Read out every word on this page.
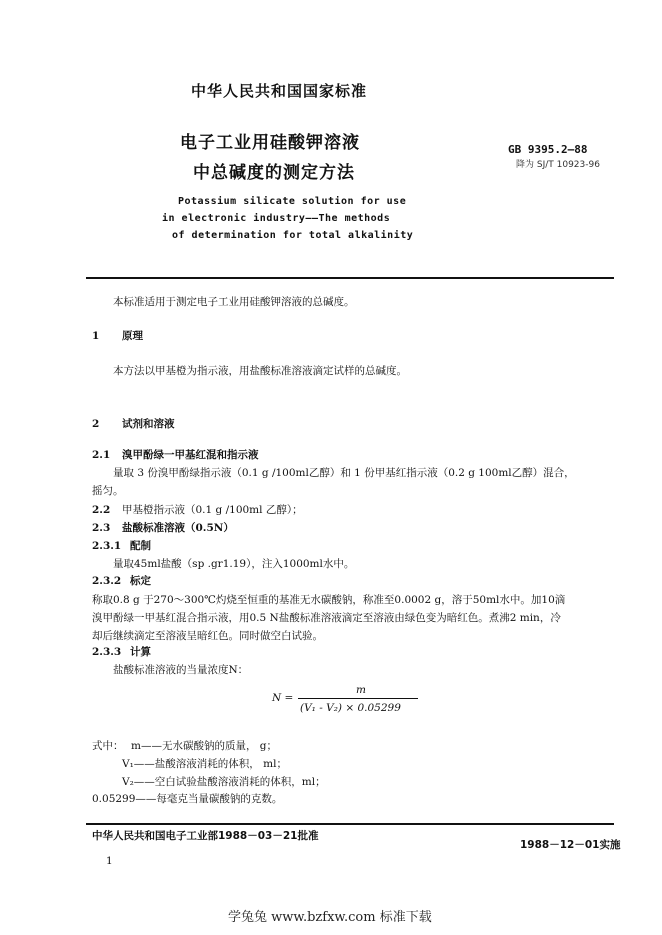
中华人民共和国国家标准
电子工业用硅酸钾溶液
中总碱度的测定方法
Potassium silicate solution for use
in electronic industry——The methods
of determination for total alkalinity
GB 9395.2—88
降为 SJ/T 10923-96
本标准适用于测定电子工业用硅酸钾溶液的总碱度。
1 原理
本方法以甲基橙为指示液，用盐酸标准溶液滴定试样的总碱度。
2 试剂和溶液
2.1 溴甲酚绿一甲基红混和指示液
量取 3 份溴甲酚绿指示液（0.1 g /100ml乙醇）和 1 份甲基红指示液（0.2 g 100ml乙醇）混合，
摇匀。
2.2 甲基橙指示液（0.1 g /100ml 乙醇）；
2.3 盐酸标准溶液（0.5N）
2.3.1 配制
量取45ml盐酸（sp .gr1.19），注入1000ml水中。
2.3.2 标定
称取0.8 g 于270～300℃灼烧至恒重的基准无水碳酸钠，称准至0.0002 g，溶于50ml水中。加10滴
溴甲酚绿一甲基红混合指示液，用0.5 N盐酸标准溶液滴定至溶液由绿色变为暗红色。煮沸2 min，冷
却后继续滴定至溶液呈暗红色。同时做空白试验。
2.3.3 计算
盐酸标准溶液的当量浓度N：
N =
m
(V₁ - V₂) × 0.05299
式中： m——无水碳酸钠的质量， g；
V₁——盐酸溶液消耗的体积， ml；
V₂——空白试验盐酸溶液消耗的体积，ml；
0.05299——每毫克当量碳酸钠的克数。
中华人民共和国电子工业部1988－03－21批准
1988－12－01实施
1
学兔兔 www.bzfxw.com 标准下载
